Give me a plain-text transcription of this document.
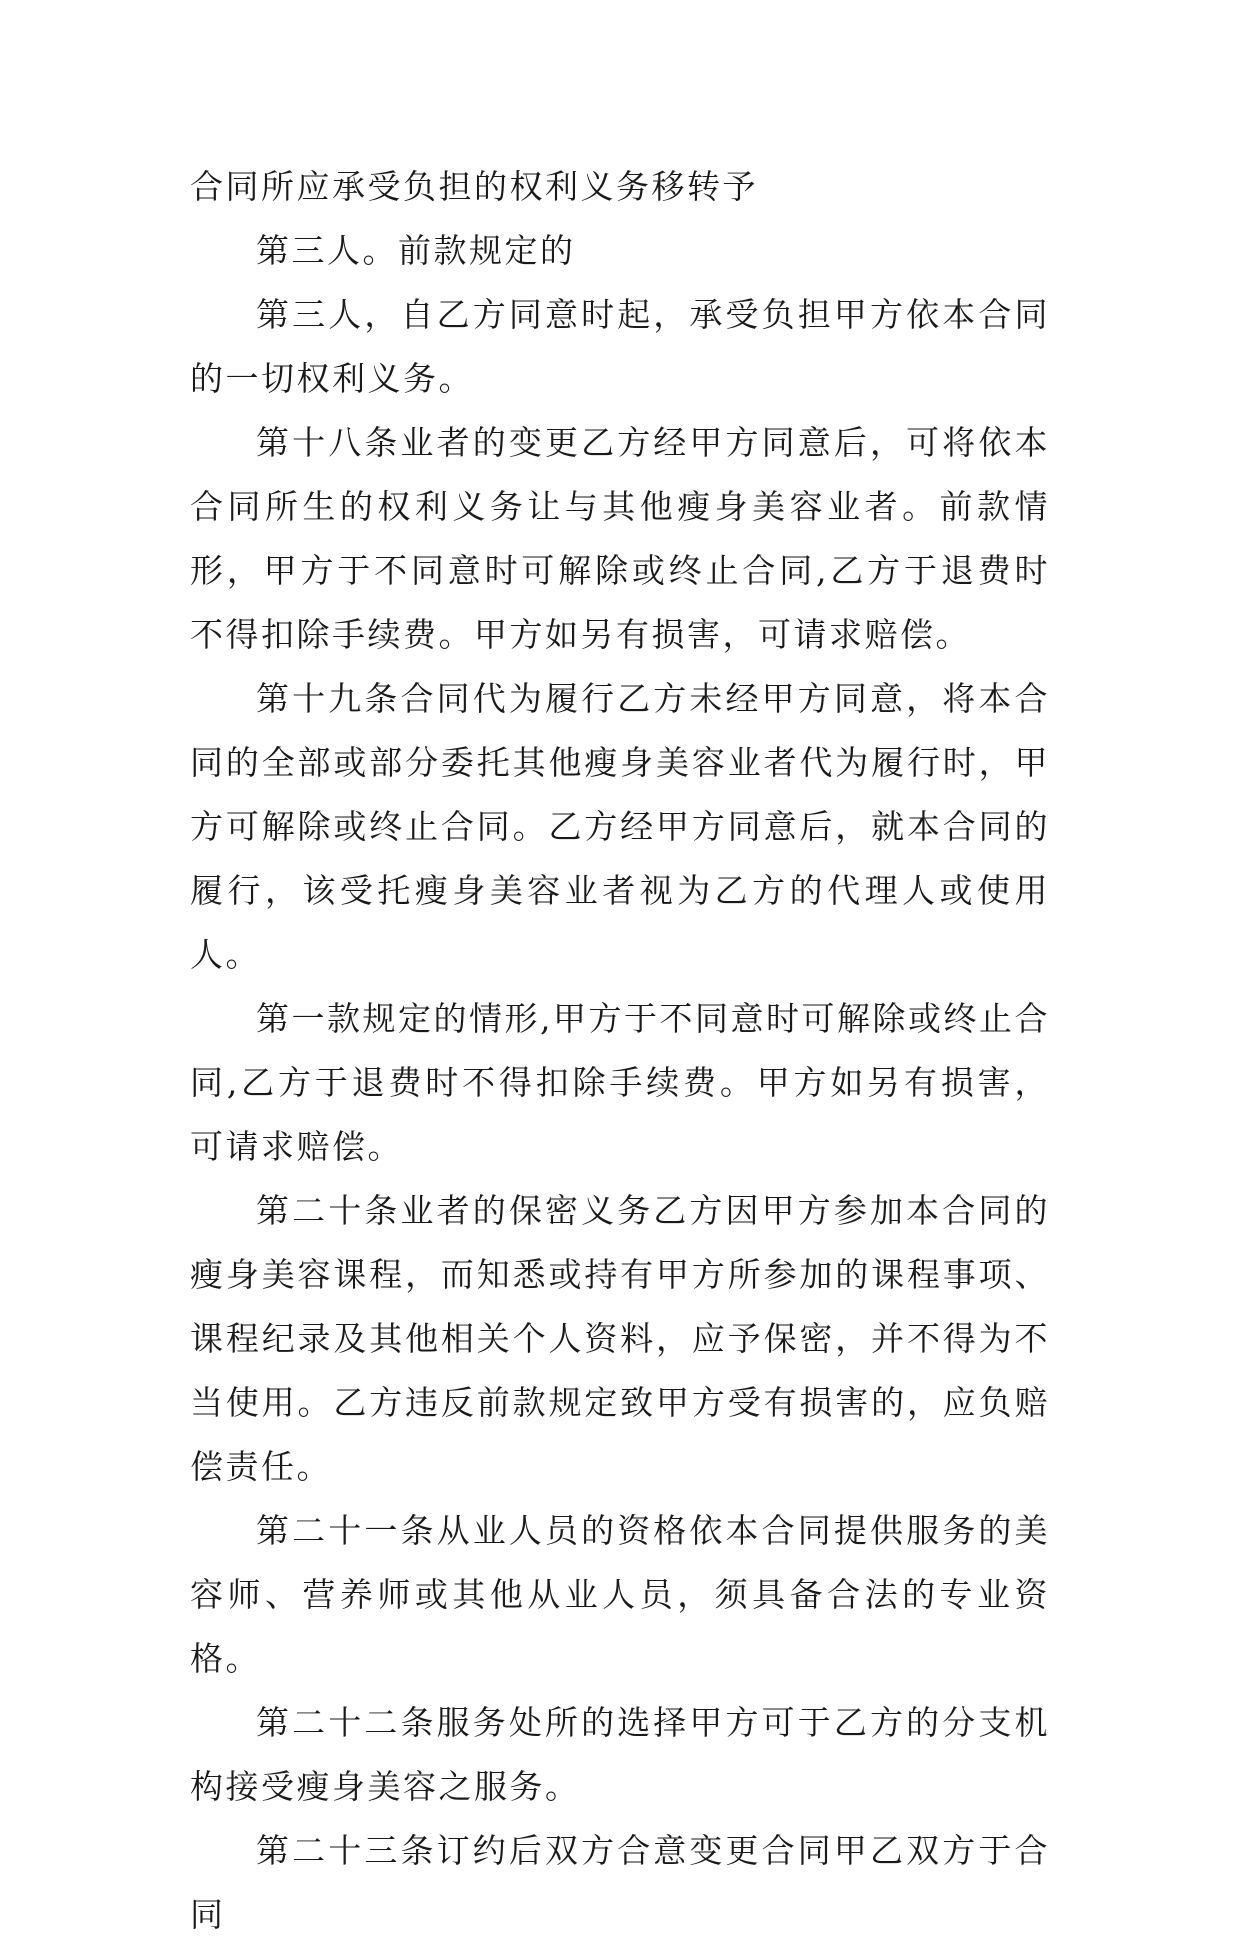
合同所应承受负担的权利义务移转予

第三人。前款规定的

第三人，自乙方同意时起，承受负担甲方依本合同的一切权利义务。

第十八条业者的变更乙方经甲方同意后，可将依本合同所生的权利义务让与其他瘦身美容业者。前款情形，甲方于不同意时可解除或终止合同,乙方于退费时不得扣除手续费。甲方如另有损害，可请求赔偿。

第十九条合同代为履行乙方未经甲方同意，将本合同的全部或部分委托其他瘦身美容业者代为履行时，甲方可解除或终止合同。乙方经甲方同意后，就本合同的履行，该受托瘦身美容业者视为乙方的代理人或使用人。

第一款规定的情形,甲方于不同意时可解除或终止合同,乙方于退费时不得扣除手续费。甲方如另有损害，可请求赔偿。

第二十条业者的保密义务乙方因甲方参加本合同的瘦身美容课程，而知悉或持有甲方所参加的课程事项、课程纪录及其他相关个人资料，应予保密，并不得为不当使用。乙方违反前款规定致甲方受有损害的，应负赔偿责任。

第二十一条从业人员的资格依本合同提供服务的美容师、营养师或其他从业人员，须具备合法的专业资格。

第二十二条服务处所的选择甲方可于乙方的分支机构接受瘦身美容之服务。

第二十三条订约后双方合意变更合同甲乙双方于合同
